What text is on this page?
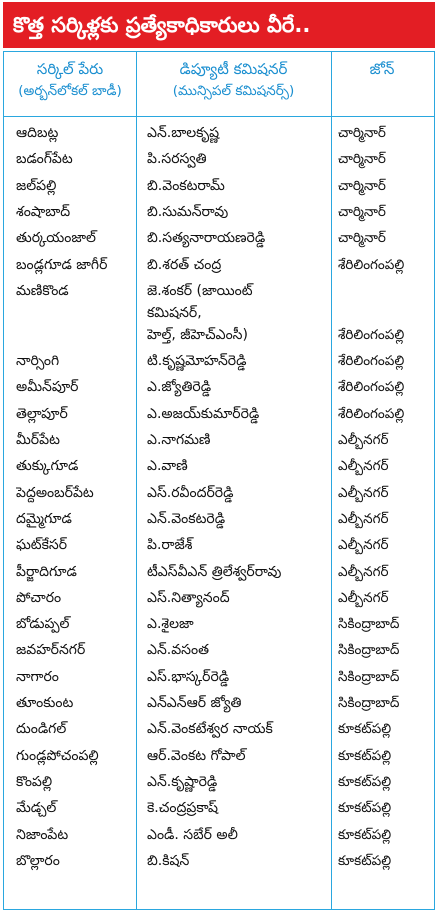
కొత్త సర్కిళ్లకు ప్రత్యేకాధికారులు వీరే..
సర్కిల్ పేరు
(అర్బన్‌లోకల్ బాడీ)
డిప్యూటీ కమిషనర్
(మున్సిపల్ కమిషనర్స్)
జోన్
ఆదిబట్ల	ఎన్.బాలకృష్ణ	చార్మినార్
బడంగ్‌పేట	పి.సరస్వతి	చార్మినార్
జల్‌పల్లి	బి.వెంకటరామ్	చార్మినార్
శంషాబాద్	బి.సుమన్‌రావు	చార్మినార్
తుర్కయంజాల్	బి.సత్యనారాయణరెడ్డి	చార్మినార్
బండ్లగూడ జాగీర్	బి.శరత్ చంద్ర	శేరిలింగంపల్లి
మణికొండ	జె.శంకర్ (జాయింట్
కమిషనర్,
హెల్త్, జీహెచ్‌ఎంసీ)	శేరిలింగంపల్లి
నార్సింగి	టి.కృష్ణమోహన్‌రెడ్డి	శేరిలింగంపల్లి
అమీన్‌పూర్	ఎ.జ్యోతిరెడ్డి	శేరిలింగంపల్లి
తెల్లాపూర్	ఎ.అజయ్‌కుమార్‌రెడ్డి	శేరిలింగంపల్లి
మీర్‌పేట	ఎ.నాగమణి	ఎల్బీనగర్
తుక్కుగూడ	ఎ.వాణి	ఎల్బీనగర్
పెద్దఅంబర్‌పేట	ఎస్.రవీందర్‌రెడ్డి	ఎల్బీనగర్
దమ్మైగూడ	ఎన్.వెంకటరెడ్డి	ఎల్బీనగర్
ఘట్‌కేసర్	పి.రాజేశ్	ఎల్బీనగర్
పీర్జాదిగూడ	టీఎస్‌వీఎన్ త్రిలేశ్వర్‌రావు	ఎల్బీనగర్
పోచారం	ఎస్.నిత్యానంద్	ఎల్బీనగర్
బోడుప్పల్	ఎ.శైలజా	సికింద్రాబాద్
జవహర్‌నగర్	ఎన్.వసంత	సికింద్రాబాద్
నాగారం	ఎస్.భాస్కర్‌రెడ్డి	సికింద్రాబాద్
తూంకుంట	ఎన్ఎన్ఆర్ జ్యోతి	సికింద్రాబాద్
దుండిగల్	ఎన్.వెంకటేశ్వర నాయక్	కూకట్‌పల్లి
గుండ్లపోచంపల్లి	ఆర్.వెంకట గోపాల్	కూకట్‌పల్లి
కొంపల్లి	ఎన్.కృష్ణారెడ్డి	కూకట్‌పల్లి
మేడ్చల్	కె.చంద్రప్రకాష్	కూకట్‌పల్లి
నిజాంపేట	ఎండీ. సబేర్ అలీ	కూకట్‌పల్లి
బొల్లారం	బి.కిషన్	కూకట్‌పల్లి
